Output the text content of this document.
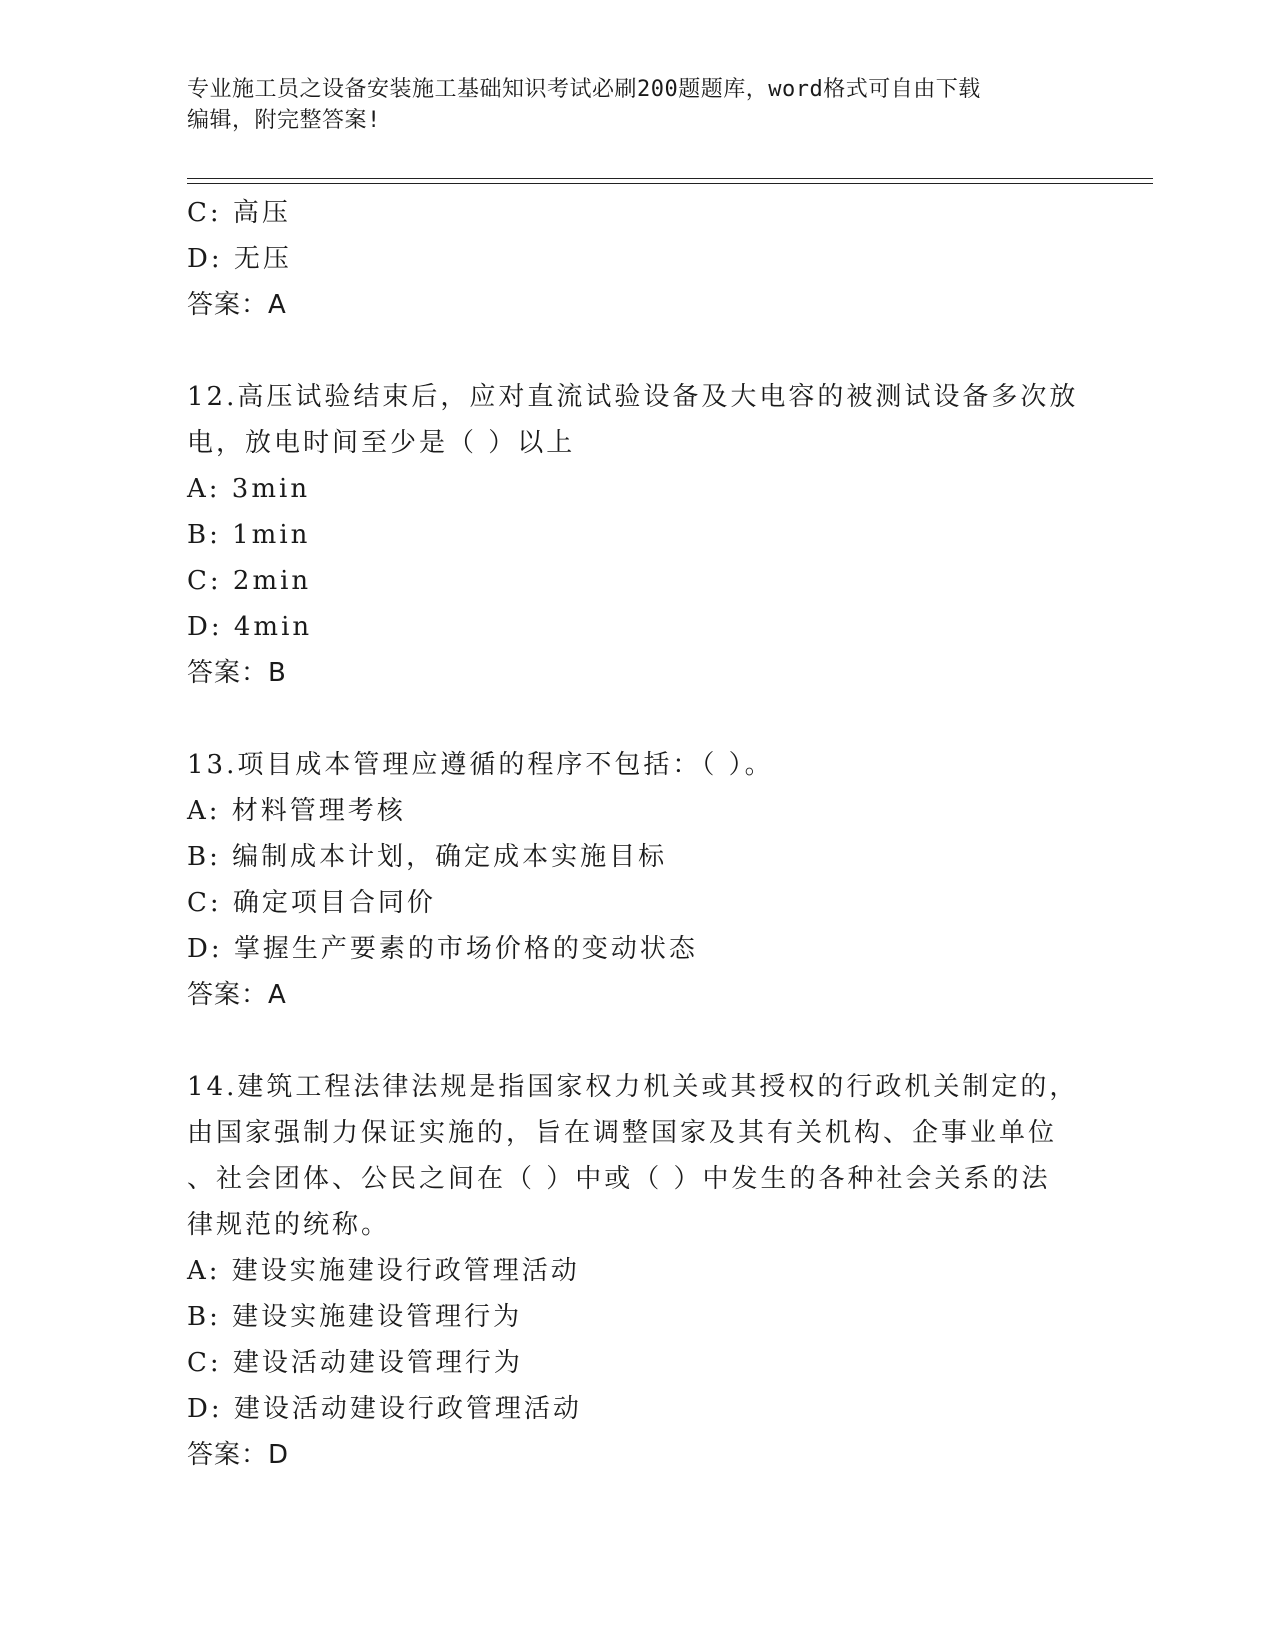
专业施工员之设备安装施工基础知识考试必刷200题题库，word格式可自由下载
编辑，附完整答案!
C: 高压
D: 无压
答案：A
12.高压试验结束后，应对直流试验设备及大电容的被测试设备多次放
电，放电时间至少是（ ）以上
A: 3min
B: 1min
C: 2min
D: 4min
答案：B
13.项目成本管理应遵循的程序不包括：（ ）。
A: 材料管理考核
B: 编制成本计划，确定成本实施目标
C: 确定项目合同价
D: 掌握生产要素的市场价格的变动状态
答案：A
14.建筑工程法律法规是指国家权力机关或其授权的行政机关制定的，
由国家强制力保证实施的，旨在调整国家及其有关机构、企事业单位
、社会团体、公民之间在（ ）中或（ ）中发生的各种社会关系的法
律规范的统称。
A: 建设实施建设行政管理活动
B: 建设实施建设管理行为
C: 建设活动建设管理行为
D: 建设活动建设行政管理活动
答案：D
